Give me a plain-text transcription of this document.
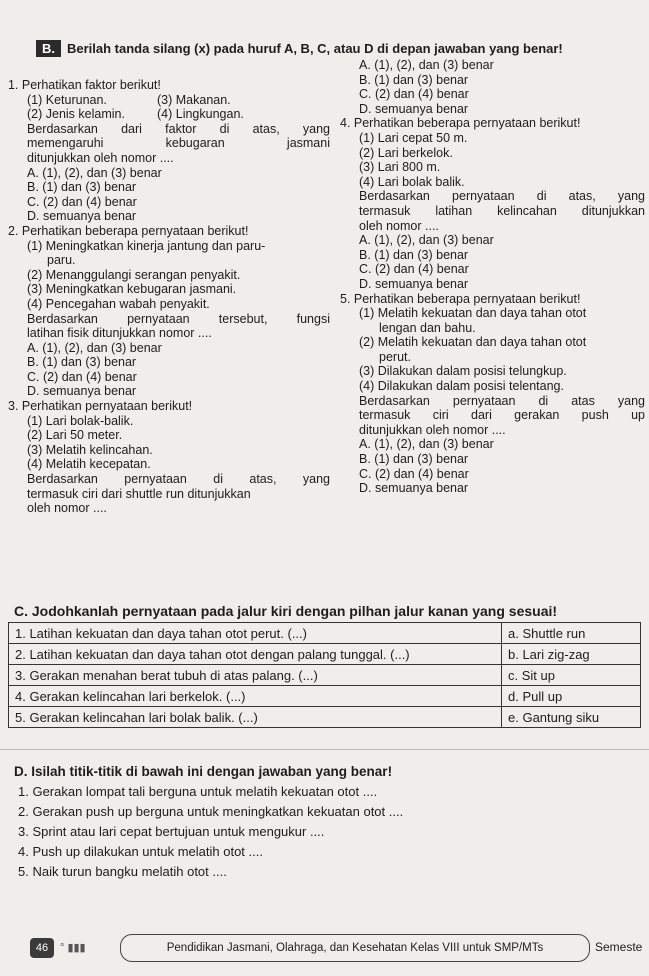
B. Berilah tanda silang (x) pada huruf A, B, C, atau D di depan jawaban yang benar!
1. Perhatikan faktor berikut!
(1) Keturunan.	(3) Makanan.
(2) Jenis kelamin.	(4) Lingkungan.
Berdasarkan dari faktor di atas, yang
memengaruhi kebugaran jasmani
ditunjukkan oleh nomor ....
A. (1), (2), dan (3) benar
B. (1) dan (3) benar
C. (2) dan (4) benar
D. semuanya benar
2. Perhatikan beberapa pernyataan berikut!
(1) Meningkatkan kinerja jantung dan paru-
paru.
(2) Menanggulangi serangan penyakit.
(3) Meningkatkan kebugaran jasmani.
(4) Pencegahan wabah penyakit.
Berdasarkan pernyataan tersebut, fungsi
latihan fisik ditunjukkan nomor ....
A. (1), (2), dan (3) benar
B. (1) dan (3) benar
C. (2) dan (4) benar
D. semuanya benar
3. Perhatikan pernyataan berikut!
(1) Lari bolak-balik.
(2) Lari 50 meter.
(3) Melatih kelincahan.
(4) Melatih kecepatan.
Berdasarkan pernyataan di atas, yang
termasuk ciri dari shuttle run ditunjukkan
oleh nomor ....
A. (1), (2), dan (3) benar
B. (1) dan (3) benar
C. (2) dan (4) benar
D. semuanya benar
4. Perhatikan beberapa pernyataan berikut!
(1) Lari cepat 50 m.
(2) Lari berkelok.
(3) Lari 800 m.
(4) Lari bolak balik.
Berdasarkan pernyataan di atas, yang
termasuk latihan kelincahan ditunjukkan
oleh nomor ....
A. (1), (2), dan (3) benar
B. (1) dan (3) benar
C. (2) dan (4) benar
D. semuanya benar
5. Perhatikan beberapa pernyataan berikut!
(1) Melatih kekuatan dan daya tahan otot
lengan dan bahu.
(2) Melatih kekuatan dan daya tahan otot
perut.
(3) Dilakukan dalam posisi telungkup.
(4) Dilakukan dalam posisi telentang.
Berdasarkan pernyataan di atas yang
termasuk ciri dari gerakan push up
ditunjukkan oleh nomor ....
A. (1), (2), dan (3) benar
B. (1) dan (3) benar
C. (2) dan (4) benar
D. semuanya benar
C. Jodohkanlah pernyataan pada jalur kiri dengan pilhan jalur kanan yang sesuai!
1. Latihan kekuatan dan daya tahan otot perut. (...)	a. Shuttle run
2. Latihan kekuatan dan daya tahan otot dengan palang tunggal. (...)	b. Lari zig-zag
3. Gerakan menahan berat tubuh di atas palang. (...)	c. Sit up
4. Gerakan kelincahan lari berkelok. (...)	d. Pull up
5. Gerakan kelincahan lari bolak balik. (...)	e. Gantung siku
D. Isilah titik-titik di bawah ini dengan jawaban yang benar!
1. Gerakan lompat tali berguna untuk melatih kekuatan otot ....
2. Gerakan push up berguna untuk meningkatkan kekuatan otot ....
3. Sprint atau lari cepat bertujuan untuk mengukur ....
4. Push up dilakukan untuk melatih otot ....
5. Naik turun bangku melatih otot ....
46	° ▮▮▮	Pendidikan Jasmani, Olahraga, dan Kesehatan Kelas VIII untuk SMP/MTs	Semeste
